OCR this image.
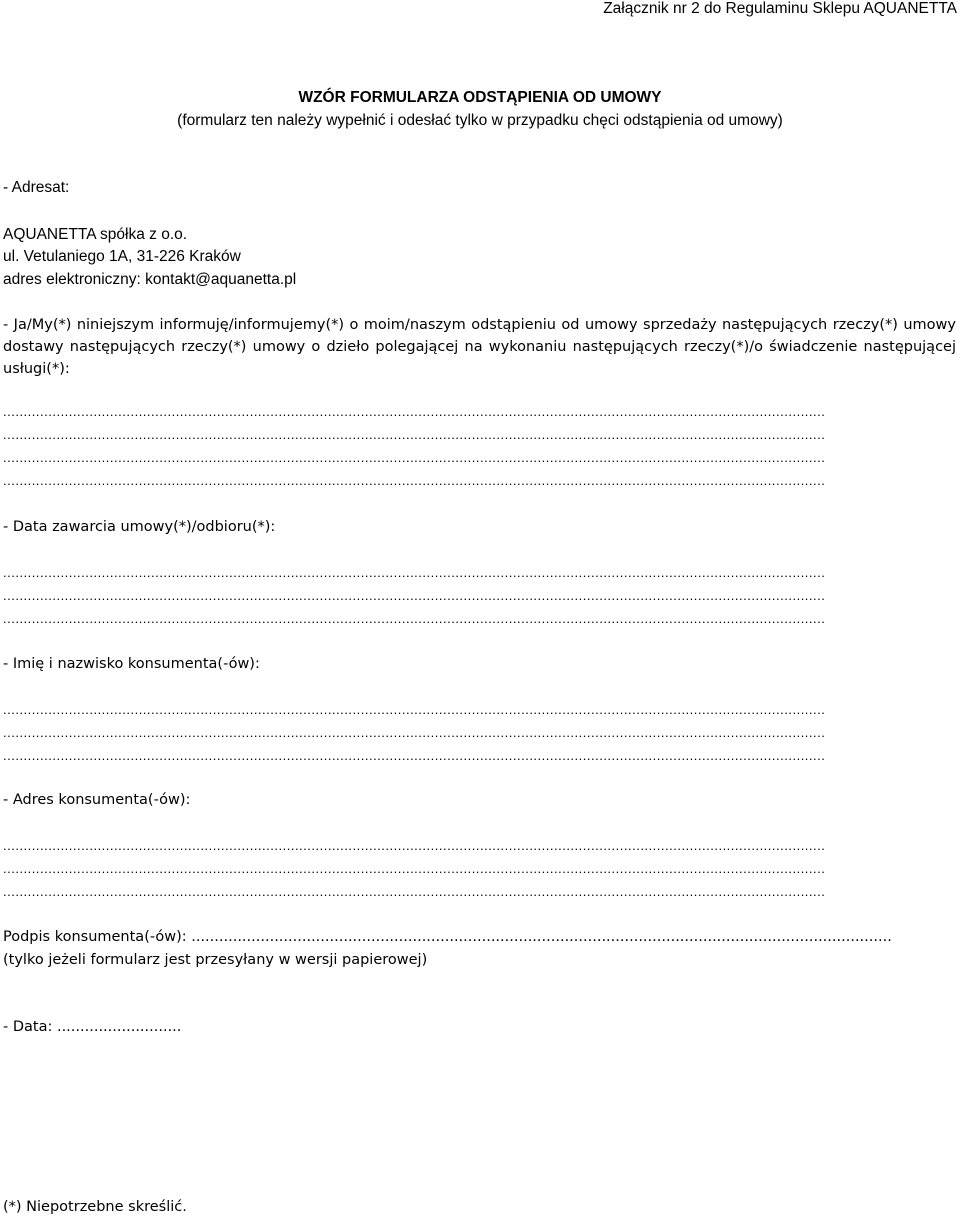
Załącznik nr 2 do Regulaminu Sklepu AQUANETTA
WZÓR FORMULARZA ODSTĄPIENIA OD UMOWY
(formularz ten należy wypełnić i odesłać tylko w przypadku chęci odstąpienia od umowy)
- Adresat:
AQUANETTA spółka z o.o.
ul. Vetulaniego 1A, 31-226 Kraków
adres elektroniczny: kontakt@aquanetta.pl
- Ja/My(*) niniejszym informuję/informujemy(*) o moim/naszym odstąpieniu od umowy sprzedaży następujących rzeczy(*) umowy dostawy następujących rzeczy(*) umowy o dzieło polegającej na wykonaniu następujących rzeczy(*)/o świadczenie następującej usługi(*):
........................................................................................................................................................................................................
........................................................................................................................................................................................................
........................................................................................................................................................................................................
........................................................................................................................................................................................................
- Data zawarcia umowy(*)/odbioru(*):
........................................................................................................................................................................................................
........................................................................................................................................................................................................
........................................................................................................................................................................................................
- Imię i nazwisko konsumenta(-ów):
........................................................................................................................................................................................................
........................................................................................................................................................................................................
........................................................................................................................................................................................................
- Adres konsumenta(-ów):
........................................................................................................................................................................................................
........................................................................................................................................................................................................
........................................................................................................................................................................................................
Podpis konsumenta(-ów): ........................................................................................................................................................
(tylko jeżeli formularz jest przesyłany w wersji papierowej)
- Data: ...........................
(*) Niepotrzebne skreślić.
